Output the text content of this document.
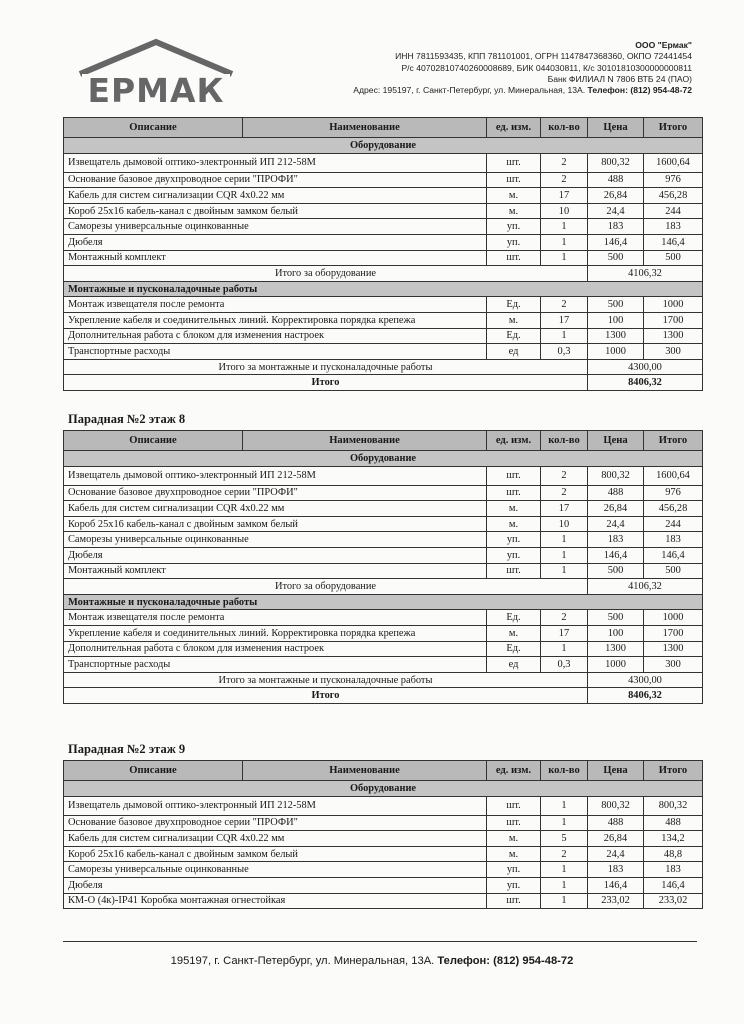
ЕРМАК
ООО "Ермак"
ИНН 7811593435, КПП 781101001, ОГРН 1147847368360, ОКПО 72441454
Р/с 40702810740260008689, БИК 044030811, К/с 30101810300000000811
Банк ФИЛИАЛ N 7806 ВТБ 24 (ПАО)
Адрес: 195197, г. Санкт-Петербург, ул. Минеральная, 13А. Телефон: (812) 954-48-72
Парадная №2 этаж 8
Парадная №2 этаж 9
Описание	Наименование	ед. изм.	кол-во	Цена	Итого
Оборудование					
Извещатель дымовой оптико-электронный ИП 212-58М		шт.	2	800,32	1600,64
Основание базовое двухпроводное серии "ПРОФИ"		шт.	2	488	976
Кабель для систем сигнализации CQR 4х0.22 мм		м.	17	26,84	456,28
Короб 25х16 кабель-канал с двойным замком белый		м.	10	24,4	244
Саморезы универсальные оцинкованные		уп.	1	183	183
Дюбеля		уп.	1	146,4	146,4
Монтажный комплект		шт.	1	500	500
Итого за оборудование				4106,32	
Монтажные и пусконаладочные работы					
Монтаж извещателя после ремонта		Ед.	2	500	1000
Укрепление кабеля и соединительных линий. Корректировка порядка крепежа		м.	17	100	1700
Дополнительная работа с блоком для изменения настроек		Ед.	1	1300	1300
Транспортные расходы		ед	0,3	1000	300
Итого за монтажные и пусконаладочные работы				4300,00	
Итого				8406,32	
Описание	Наименование	ед. изм.	кол-во	Цена	Итого
Оборудование					
Извещатель дымовой оптико-электронный ИП 212-58М		шт.	2	800,32	1600,64
Основание базовое двухпроводное серии "ПРОФИ"		шт.	2	488	976
Кабель для систем сигнализации CQR 4х0.22 мм		м.	17	26,84	456,28
Короб 25х16 кабель-канал с двойным замком белый		м.	10	24,4	244
Саморезы универсальные оцинкованные		уп.	1	183	183
Дюбеля		уп.	1	146,4	146,4
Монтажный комплект		шт.	1	500	500
Итого за оборудование				4106,32	
Монтажные и пусконаладочные работы					
Монтаж извещателя после ремонта		Ед.	2	500	1000
Укрепление кабеля и соединительных линий. Корректировка порядка крепежа		м.	17	100	1700
Дополнительная работа с блоком для изменения настроек		Ед.	1	1300	1300
Транспортные расходы		ед	0,3	1000	300
Итого за монтажные и пусконаладочные работы				4300,00	
Итого				8406,32	
Описание	Наименование	ед. изм.	кол-во	Цена	Итого
Оборудование					
Извещатель дымовой оптико-электронный ИП 212-58М		шт.	1	800,32	800,32
Основание базовое двухпроводное серии "ПРОФИ"		шт.	1	488	488
Кабель для систем сигнализации CQR 4х0.22 мм		м.	5	26,84	134,2
Короб 25х16 кабель-канал с двойным замком белый		м.	2	24,4	48,8
Саморезы универсальные оцинкованные		уп.	1	183	183
Дюбеля		уп.	1	146,4	146,4
КМ-О (4к)-IP41 Коробка монтажная огнестойкая		шт.	1	233,02	233,02
195197, г. Санкт-Петербург, ул. Минеральная, 13А. Телефон: (812) 954-48-72
